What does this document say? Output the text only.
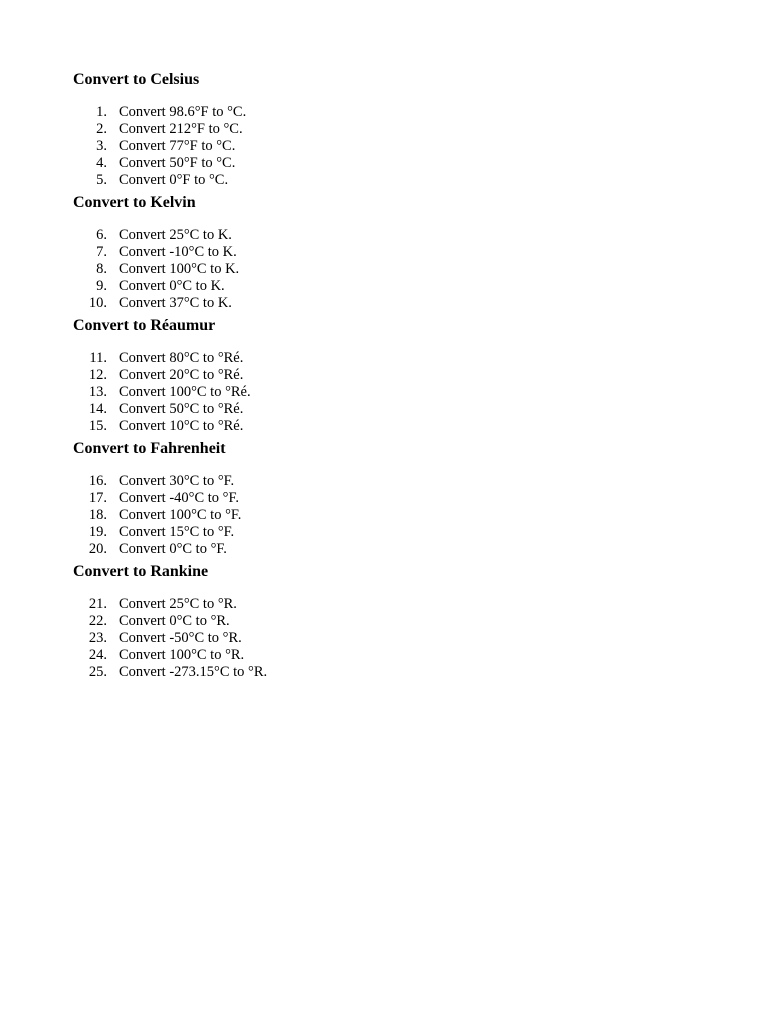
Convert to Celsius
1. Convert 98.6°F to °C.
2. Convert 212°F to °C.
3. Convert 77°F to °C.
4. Convert 50°F to °C.
5. Convert 0°F to °C.
Convert to Kelvin
6. Convert 25°C to K.
7. Convert -10°C to K.
8. Convert 100°C to K.
9. Convert 0°C to K.
10. Convert 37°C to K.
Convert to Réaumur
11. Convert 80°C to °Ré.
12. Convert 20°C to °Ré.
13. Convert 100°C to °Ré.
14. Convert 50°C to °Ré.
15. Convert 10°C to °Ré.
Convert to Fahrenheit
16. Convert 30°C to °F.
17. Convert -40°C to °F.
18. Convert 100°C to °F.
19. Convert 15°C to °F.
20. Convert 0°C to °F.
Convert to Rankine
21. Convert 25°C to °R.
22. Convert 0°C to °R.
23. Convert -50°C to °R.
24. Convert 100°C to °R.
25. Convert -273.15°C to °R.
